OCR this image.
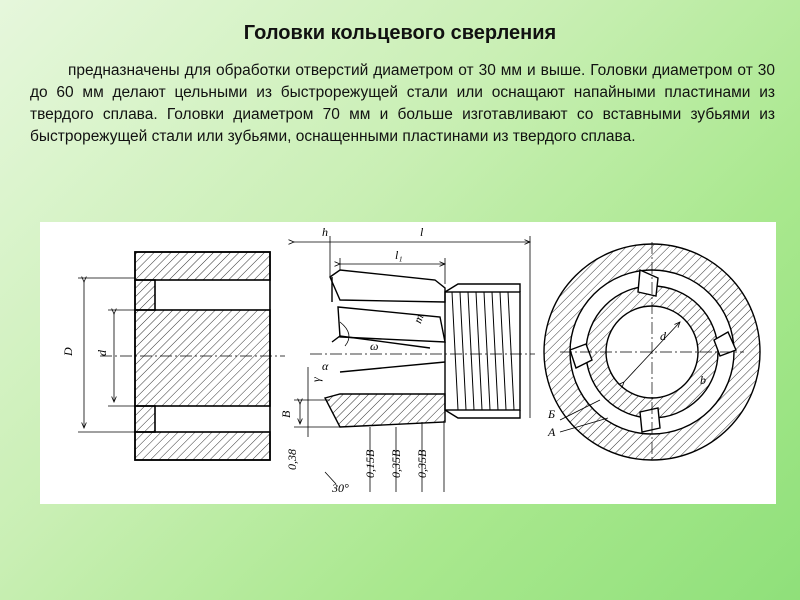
Головки кольцевого сверления
предназначены для обработки отверстий диаметром от 30 мм и выше. Головки диаметром от 30 до 60 мм делают цельными из быстрорежущей стали или оснащают напайными пластинами из твердого сплава. Головки диаметром 70 мм и больше изготавливают со вставными зубьями из быстрорежущей стали или зубьями, оснащенными пластинами из твердого сплава.
D d
h	l
l₁
m
ω
α
γ
B
0,38	0,15B 0,35B 0,35B
30°
d
b
Б
А
